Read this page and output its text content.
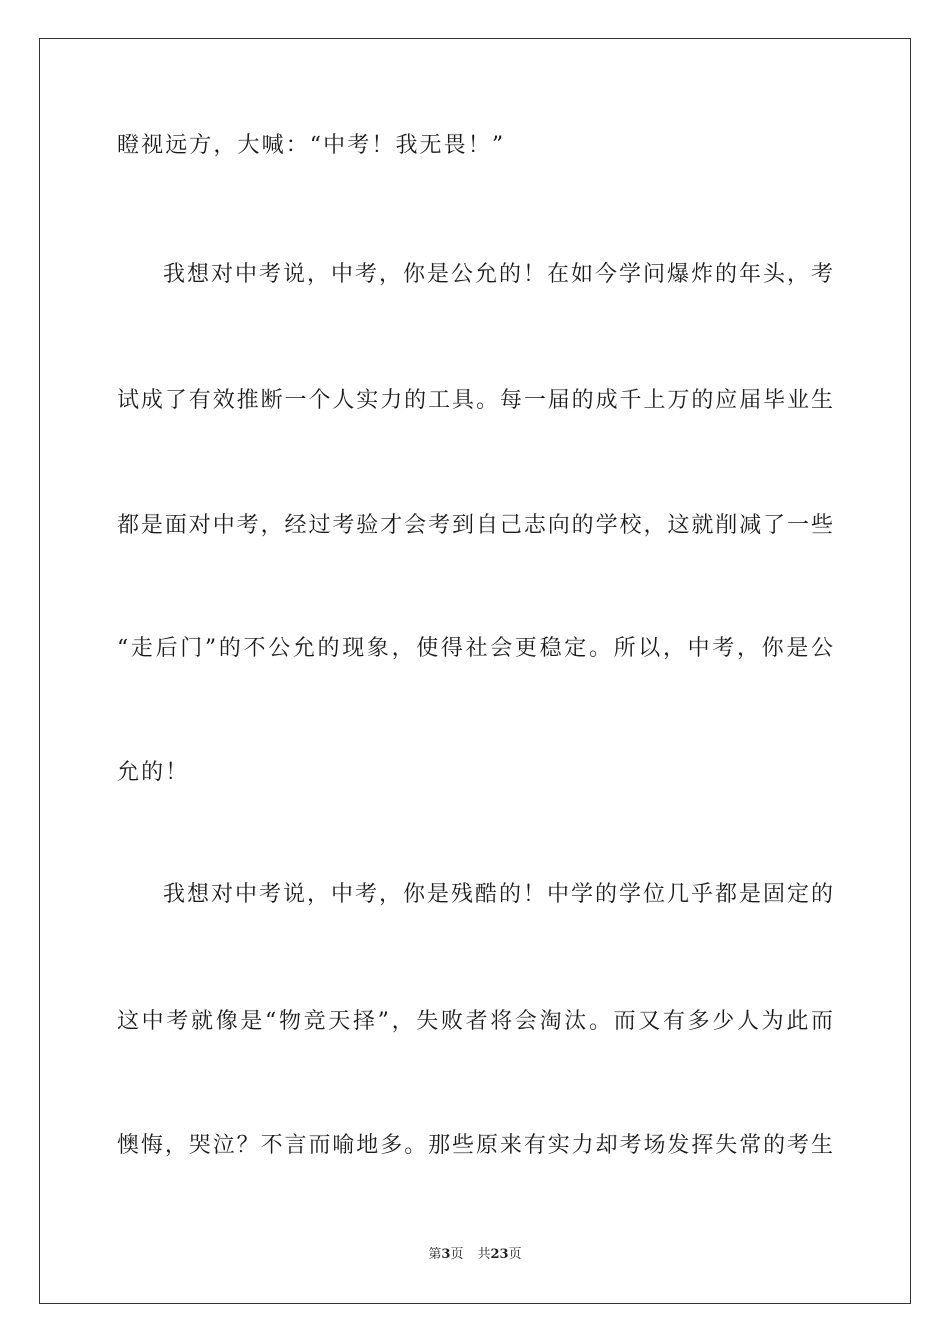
瞪视远方，大喊：“中考！我无畏！”
我想对中考说，中考，你是公允的！在如今学问爆炸的年头，考
试成了有效推断一个人实力的工具。每一届的成千上万的应届毕业生
都是面对中考，经过考验才会考到自己志向的学校，这就削减了一些
“走后门”的不公允的现象，使得社会更稳定。所以，中考，你是公
允的！
我想对中考说，中考，你是残酷的！中学的学位几乎都是固定的
这中考就像是“物竞天择”，失败者将会淘汰。而又有多少人为此而
懊悔，哭泣？不言而喻地多。那些原来有实力却考场发挥失常的考生
第3页 共23页
